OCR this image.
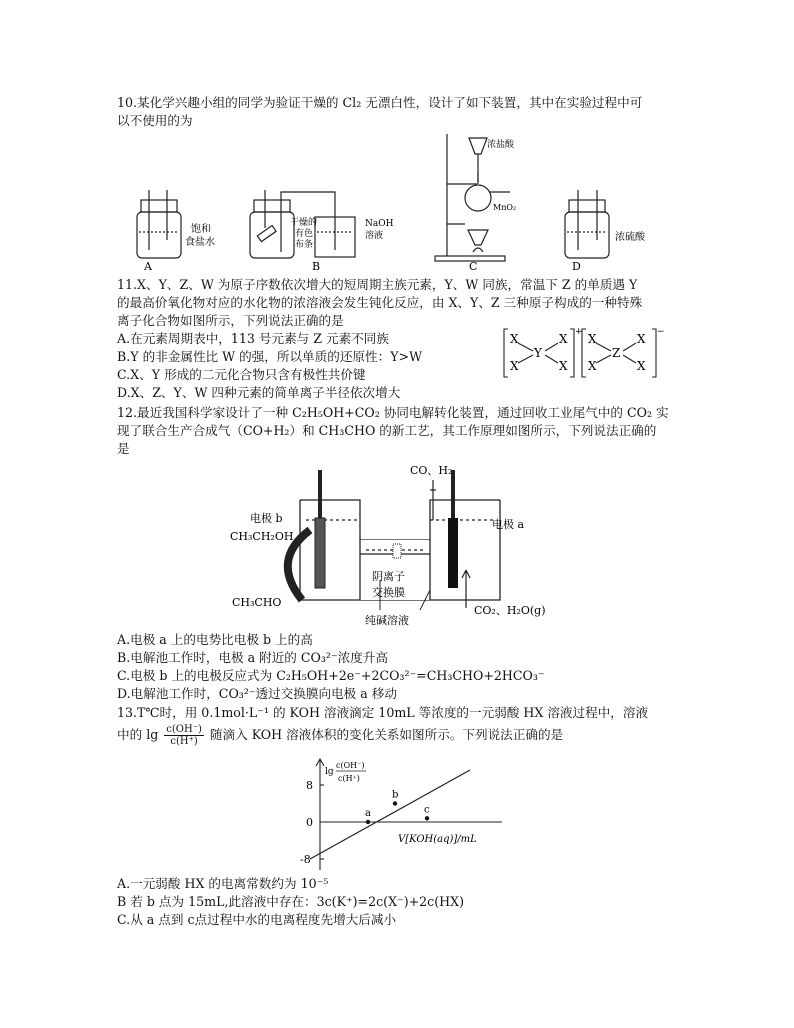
10.某化学兴趣小组的同学为验证干燥的 Cl₂ 无漂白性，设计了如下装置，其中在实验过程中可
以不使用的为
饱和
食盐水
A
干燥的
有色
布条
NaOH
溶液
B
浓盐酸
MnO₂
C
浓硫酸
D
11.X、Y、Z、W 为原子序数依次增大的短周期主族元素，Y、W 同族，常温下 Z 的单质遇 Y
的最高价氧化物对应的水化物的浓溶液会发生钝化反应，由 X、Y、Z 三种原子构成的一种特殊
离子化合物如图所示，下列说法正确的是
A.在元素周期表中，113 号元素与 Z 元素不同族
B.Y 的非金属性比 W 的强，所以单质的还原性：Y>W
C.X、Y 形成的二元化合物只含有极性共价键
D.X、Z、Y、W 四种元素的简单离子半径依次增大
X
X
Y
X
X
+ X
X
Z
X
X
−
12.最近我国科学家设计了一种 C₂H₅OH+CO₂ 协同电解转化装置，通过回收工业尾气中的 CO₂ 实
现了联合生产合成气（CO+H₂）和 CH₃CHO 的新工艺，其工作原理如图所示，下列说法正确的
是
电极 b
CH₃CH₂OH
CH₃CHO
阴离子
交换膜
纯碱溶液
CO、H₂
电极 a
CO₂、H₂O(g)
A.电极 a 上的电势比电极 b 上的高
B.电解池工作时，电极 a 附近的 CO₃²⁻浓度升高
C.电极 b 上的电极反应式为 C₂H₅OH+2e⁻+2CO₃²⁻=CH₃CHO+2HCO₃⁻
D.电解池工作时，CO₃²⁻透过交换膜向电极 a 移动
13.T℃时，用 0.1mol·L⁻¹ 的 KOH 溶液滴定 10mL 等浓度的一元弱酸 HX 溶液过程中，溶液
中的 $\lg \frac{c(OH^-)}{c(H^+)}$ 随滴入 KOH 溶液体积的变化关系如图所示。下列说法正确的是
lg
c(OH⁻)
c(H⁺)
8
0
-8
V[KOH(aq)]/mL
a
b
c
A.一元弱酸 HX 的电离常数约为 10⁻⁵
B 若 b 点为 15mL,此溶液中存在：3c(K⁺)=2c(X⁻)+2c(HX)
C.从 a 点到 c点过程中水的电离程度先增大后减小
